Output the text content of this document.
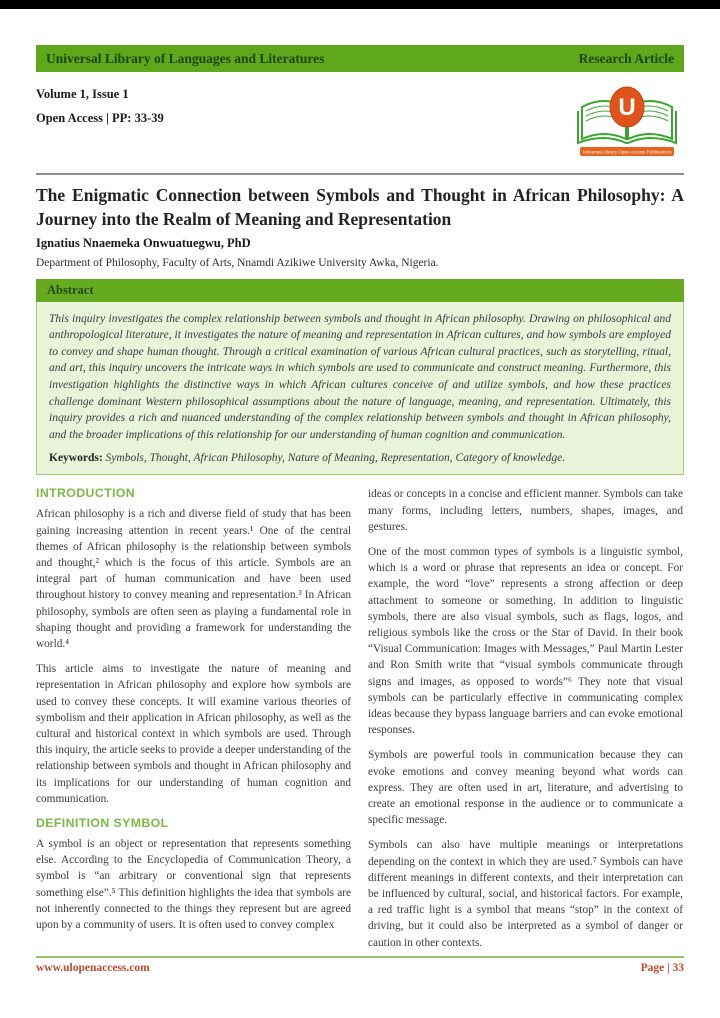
Universal Library of Languages and Literatures	Research Article
Volume 1, Issue 1
Open Access | PP: 33-39	U
Universal Library Open Access Publications
The Enigmatic Connection between Symbols and Thought in African Philosophy: A Journey into the Realm of Meaning and Representation
Ignatius Nnaemeka Onwuatuegwu, PhD
Department of Philosophy, Faculty of Arts, Nnamdi Azikiwe University Awka, Nigeria.
Abstract

This inquiry investigates the complex relationship between symbols and thought in African philosophy. Drawing on philosophical and anthropological literature, it investigates the nature of meaning and representation in African cultures, and how symbols are employed to convey and shape human thought. Through a critical examination of various African cultural practices, such as storytelling, ritual, and art, this inquiry uncovers the intricate ways in which symbols are used to communicate and construct meaning. Furthermore, this investigation highlights the distinctive ways in which African cultures conceive of and utilize symbols, and how these practices challenge dominant Western philosophical assumptions about the nature of language, meaning, and representation. Ultimately, this inquiry provides a rich and nuanced understanding of the complex relationship between symbols and thought in African philosophy, and the broader implications of this relationship for our understanding of human cognition and communication.

Keywords: Symbols, Thought, African Philosophy, Nature of Meaning, Representation, Category of knowledge.

INTRODUCTION

African philosophy is a rich and diverse field of study that has been gaining increasing attention in recent years.¹ One of the central themes of African philosophy is the relationship between symbols and thought,² which is the focus of this article. Symbols are an integral part of human communication and have been used throughout history to convey meaning and representation.³ In African philosophy, symbols are often seen as playing a fundamental role in shaping thought and providing a framework for understanding the world.⁴

This article aims to investigate the nature of meaning and representation in African philosophy and explore how symbols are used to convey these concepts. It will examine various theories of symbolism and their application in African philosophy, as well as the cultural and historical context in which symbols are used. Through this inquiry, the article seeks to provide a deeper understanding of the relationship between symbols and thought in African philosophy and its implications for our understanding of human cognition and communication.

DEFINITION SYMBOL

A symbol is an object or representation that represents something else. According to the Encyclopedia of Communication Theory, a symbol is “an arbitrary or conventional sign that represents something else”.⁵ This definition highlights the idea that symbols are not inherently connected to the things they represent but are agreed upon by a community of users. It is often used to convey complex

ideas or concepts in a concise and efficient manner. Symbols can take many forms, including letters, numbers, shapes, images, and gestures.

One of the most common types of symbols is a linguistic symbol, which is a word or phrase that represents an idea or concept. For example, the word “love” represents a strong affection or deep attachment to someone or something. In addition to linguistic symbols, there are also visual symbols, such as flags, logos, and religious symbols like the cross or the Star of David. In their book “Visual Communication: Images with Messages,” Paul Martin Lester and Ron Smith write that “visual symbols communicate through signs and images, as opposed to words”⁶ They note that visual symbols can be particularly effective in communicating complex ideas because they bypass language barriers and can evoke emotional responses.

Symbols are powerful tools in communication because they can evoke emotions and convey meaning beyond what words can express. They are often used in art, literature, and advertising to create an emotional response in the audience or to communicate a specific message.

Symbols can also have multiple meanings or interpretations depending on the context in which they are used.⁷ Symbols can have different meanings in different contexts, and their interpretation can be influenced by cultural, social, and historical factors. For example, a red traffic light is a symbol that means “stop” in the context of driving, but it could also be interpreted as a symbol of danger or caution in other contexts.

www.ulopenaccess.com	Page | 33
